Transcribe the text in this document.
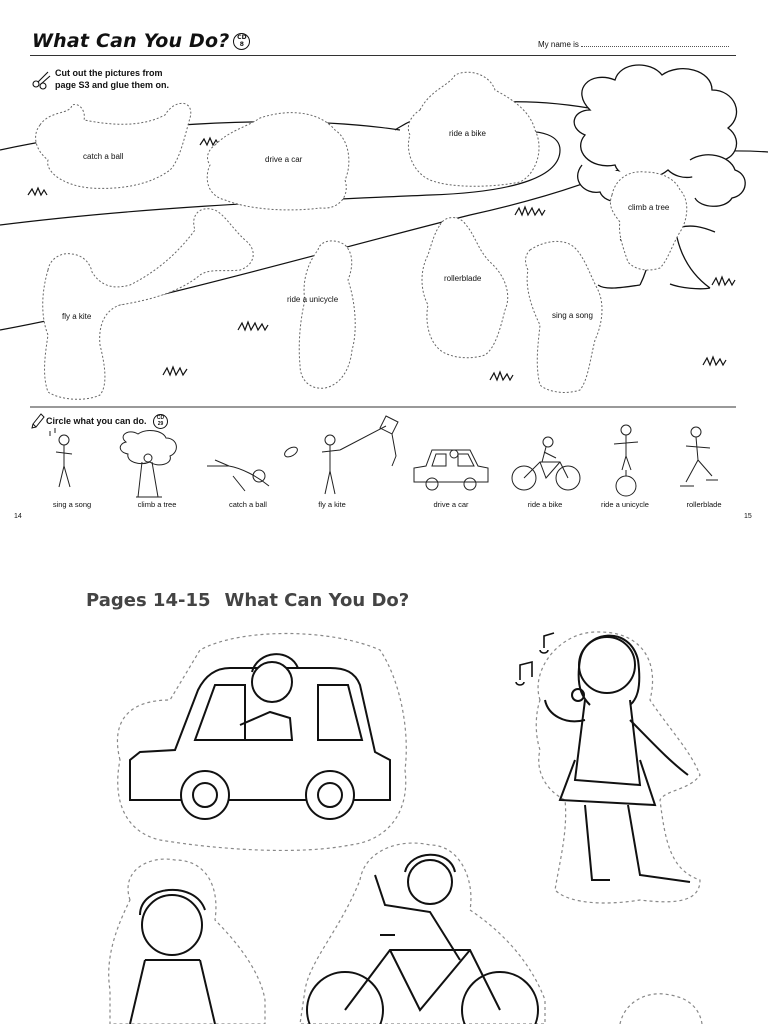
What Can You Do?	CD
8	My name is
Cut out the pictures from
page S3 and glue them on.
catch a ball	drive a car
ride a bike
climb a tree
rollerblade
ride a unicycle
sing a song
fly a kite
Circle what you can do.	CD
29
sing a song	climb a tree	catch a ball	fly a kite	drive a car	ride a bike	ride a unicycle	rollerblade
14	15
Pages 14-15 What Can You Do?
